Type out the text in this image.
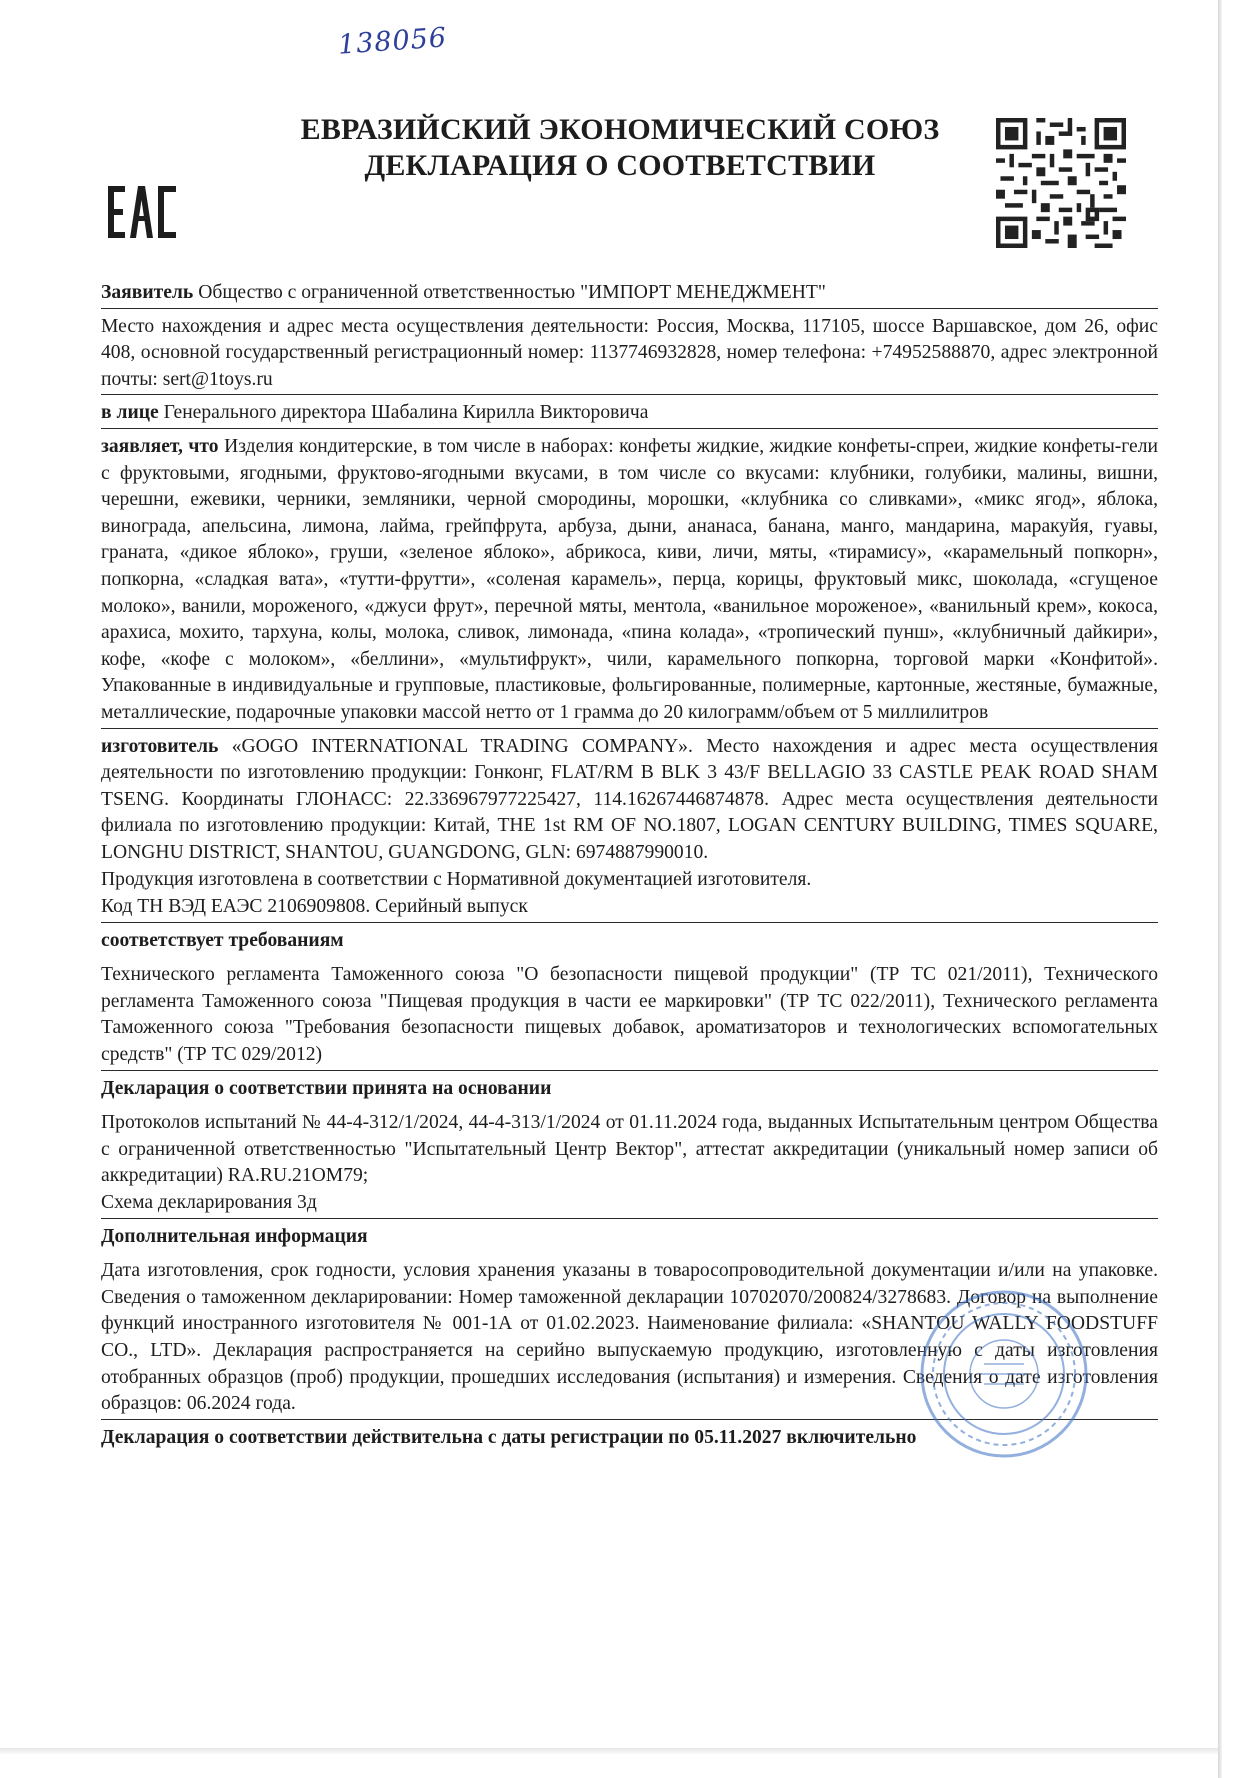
138056
ЕВРАЗИЙСКИЙ ЭКОНОМИЧЕСКИЙ СОЮЗ
ДЕКЛАРАЦИЯ О СООТВЕТСТВИИ
Заявитель Общество с ограниченной ответственностью "ИМПОРТ МЕНЕДЖМЕНТ"
Место нахождения и адрес места осуществления деятельности: Россия, Москва, 117105, шоссе Варшавское, дом 26, офис 408, основной государственный регистрационный номер: 1137746932828, номер телефона: +74952588870, адрес электронной почты: sert@1toys.ru
в лице Генерального директора Шабалина Кирилла Викторовича
заявляет, что Изделия кондитерские, в том числе в наборах: конфеты жидкие, жидкие конфеты-спреи, жидкие конфеты-гели с фруктовыми, ягодными, фруктово-ягодными вкусами, в том числе со вкусами: клубники, голубики, малины, вишни, черешни, ежевики, черники, земляники, черной смородины, морошки, «клубника со сливками», «микс ягод», яблока, винограда, апельсина, лимона, лайма, грейпфрута, арбуза, дыни, ананаса, банана, манго, мандарина, маракуйя, гуавы, граната, «дикое яблоко», груши, «зеленое яблоко», абрикоса, киви, личи, мяты, «тирамису», «карамельный попкорн», попкорна, «сладкая вата», «тутти-фрутти», «соленая карамель», перца, корицы, фруктовый микс, шоколада, «сгущеное молоко», ванили, мороженого, «джуси фрут», перечной мяты, ментола, «ванильное мороженое», «ванильный крем», кокоса, арахиса, мохито, тархуна, колы, молока, сливок, лимонада, «пина колада», «тропический пунш», «клубничный дайкири», кофе, «кофе с молоком», «беллини», «мультифрукт», чили, карамельного попкорна, торговой марки «Конфитой». Упакованные в индивидуальные и групповые, пластиковые, фольгированные, полимерные, картонные, жестяные, бумажные, металлические, подарочные упаковки массой нетто от 1 грамма до 20 килограмм/объем от 5 миллилитров
изготовитель «GOGO INTERNATIONAL TRADING COMPANY». Место нахождения и адрес места осуществления деятельности по изготовлению продукции: Гонконг, FLAT/RM B BLK 3 43/F BELLAGIO 33 CASTLE PEAK ROAD SHAM TSENG. Координаты ГЛОНАСС: 22.336967977225427, 114.16267446874878. Адрес места осуществления деятельности филиала по изготовлению продукции: Китай, THE 1st RM OF NO.1807, LOGAN CENTURY BUILDING, TIMES SQUARE, LONGHU DISTRICT, SHANTOU, GUANGDONG, GLN: 6974887990010.
Продукция изготовлена в соответствии с Нормативной документацией изготовителя.
Код ТН ВЭД ЕАЭС 2106909808. Серийный выпуск
соответствует требованиям
Технического регламента Таможенного союза "О безопасности пищевой продукции" (ТР ТС 021/2011), Технического регламента Таможенного союза "Пищевая продукция в части ее маркировки" (ТР ТС 022/2011), Технического регламента Таможенного союза "Требования безопасности пищевых добавок, ароматизаторов и технологических вспомогательных средств" (ТР ТС 029/2012)
Декларация о соответствии принята на основании
Протоколов испытаний № 44-4-312/1/2024, 44-4-313/1/2024 от 01.11.2024 года, выданных Испытательным центром Общества с ограниченной ответственностью "Испытательный Центр Вектор", аттестат аккредитации (уникальный номер записи об аккредитации) RA.RU.21ОМ79;
Схема декларирования 3д
Дополнительная информация
Дата изготовления, срок годности, условия хранения указаны в товаросопроводительной документации и/или на упаковке. Сведения о таможенном декларировании: Номер таможенной декларации 10702070/200824/3278683. Договор на выполнение функций иностранного изготовителя № 001-1А от 01.02.2023. Наименование филиала: «SHANTOU WALLY FOODSTUFF CO., LTD». Декларация распространяется на серийно выпускаемую продукцию, изготовленную с даты изготовления отобранных образцов (проб) продукции, прошедших исследования (испытания) и измерения. Сведения о дате изготовления образцов: 06.2024 года.
Декларация о соответствии действительна с даты регистрации по 05.11.2027 включительно
